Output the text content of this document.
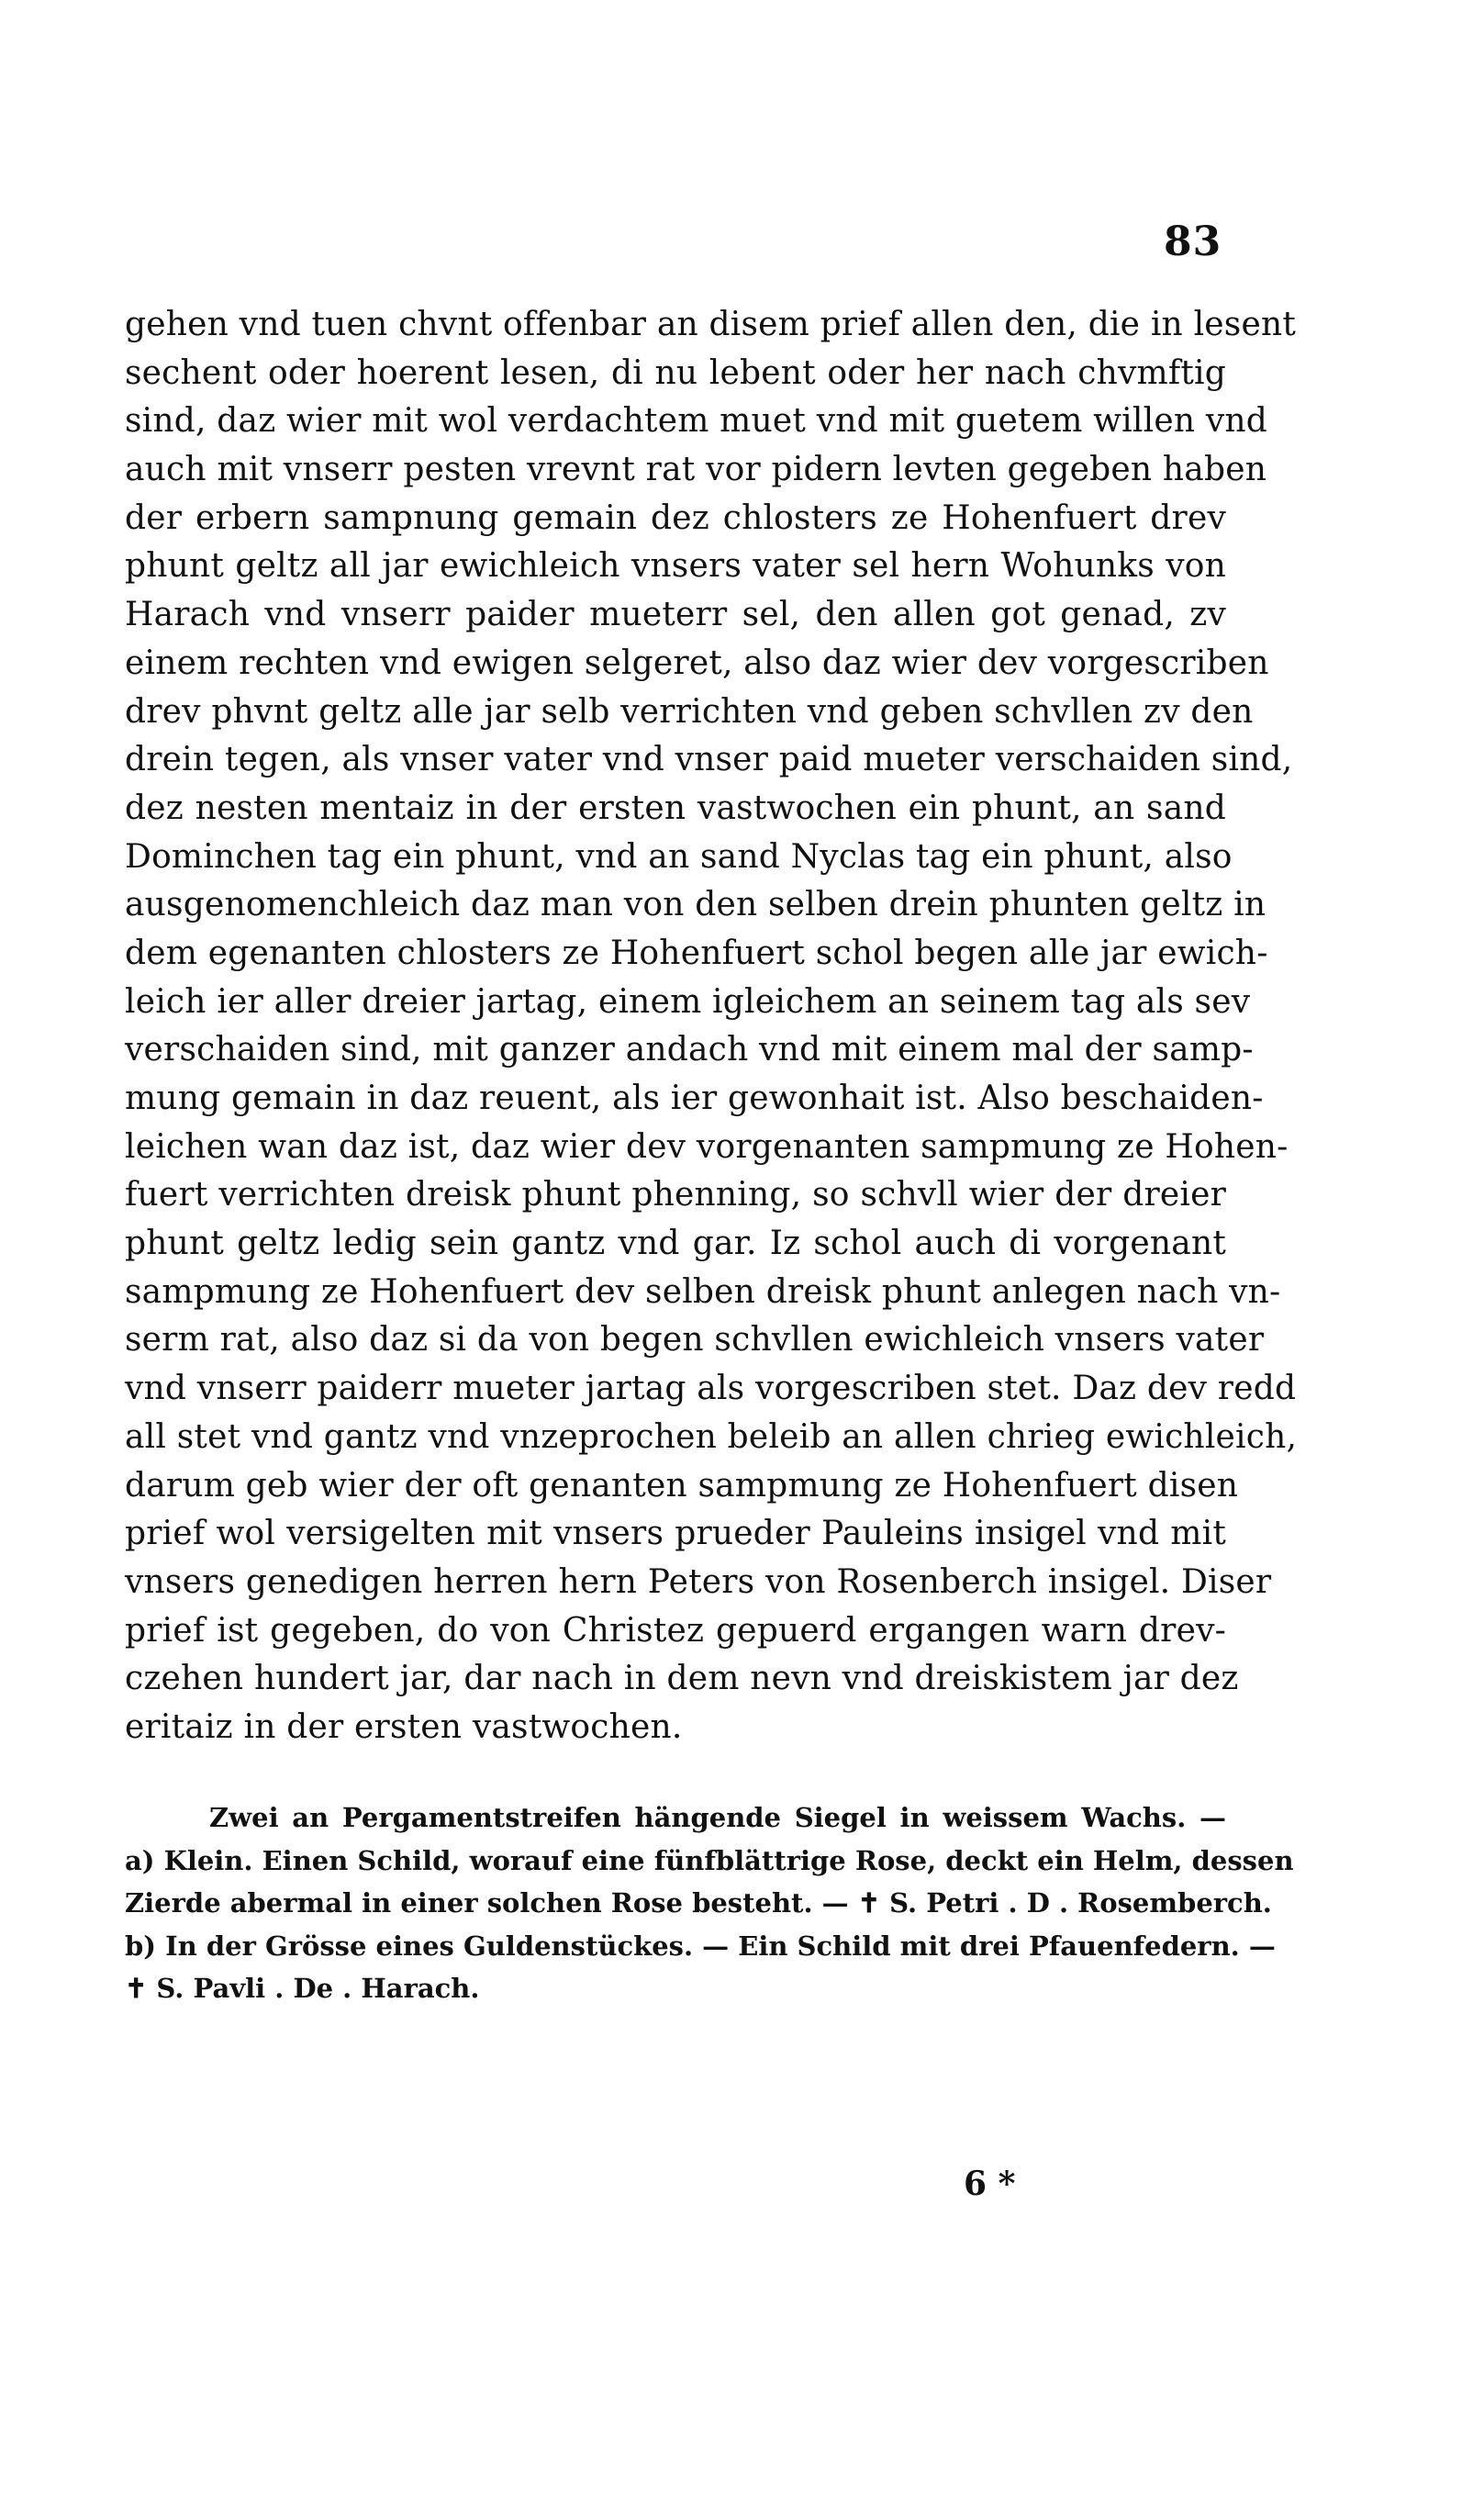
83
gehen vnd tuen chvnt offenbar an disem prief allen den, die in lesent
sechent oder hoerent lesen, di nu lebent oder her nach chvmftig
sind, daz wier mit wol verdachtem muet vnd mit guetem willen vnd
auch mit vnserr pesten vrevnt rat vor pidern levten gegeben haben
der erbern sampnung gemain dez chlosters ze Hohenfuert drev
phunt geltz all jar ewichleich vnsers vater sel hern Wohunks von
Harach vnd vnserr paider mueterr sel, den allen got genad, zv
einem rechten vnd ewigen selgeret, also daz wier dev vorgescriben
drev phvnt geltz alle jar selb verrichten vnd geben schvllen zv den
drein tegen, als vnser vater vnd vnser paid mueter verschaiden sind,
dez nesten mentaiz in der ersten vastwochen ein phunt, an sand
Dominchen tag ein phunt, vnd an sand Nyclas tag ein phunt, also
ausgenomenchleich daz man von den selben drein phunten geltz in
dem egenanten chlosters ze Hohenfuert schol begen alle jar ewich-
leich ier aller dreier jartag, einem igleichem an seinem tag als sev
verschaiden sind, mit ganzer andach vnd mit einem mal der samp-
mung gemain in daz reuent, als ier gewonhait ist. Also beschaiden-
leichen wan daz ist, daz wier dev vorgenanten sampmung ze Hohen-
fuert verrichten dreisk phunt phenning, so schvll wier der dreier
phunt geltz ledig sein gantz vnd gar. Iz schol auch di vorgenant
sampmung ze Hohenfuert dev selben dreisk phunt anlegen nach vn-
serm rat, also daz si da von begen schvllen ewichleich vnsers vater
vnd vnserr paiderr mueter jartag als vorgescriben stet. Daz dev redd
all stet vnd gantz vnd vnzeprochen beleib an allen chrieg ewichleich,
darum geb wier der oft genanten sampmung ze Hohenfuert disen
prief wol versigelten mit vnsers prueder Pauleins insigel vnd mit
vnsers genedigen herren hern Peters von Rosenberch insigel. Diser
prief ist gegeben, do von Christez gepuerd ergangen warn drev-
czehen hundert jar, dar nach in dem nevn vnd dreiskistem jar dez
eritaiz in der ersten vastwochen.
Zwei an Pergamentstreifen hängende Siegel in weissem Wachs. —
a) Klein. Einen Schild, worauf eine fünfblättrige Rose, deckt ein Helm, dessen
Zierde abermal in einer solchen Rose besteht. — ✝ S. Petri . D . Rosemberch.
b) In der Grösse eines Guldenstückes. — Ein Schild mit drei Pfauenfedern. —
✝ S. Pavli . De . Harach.
6 *
